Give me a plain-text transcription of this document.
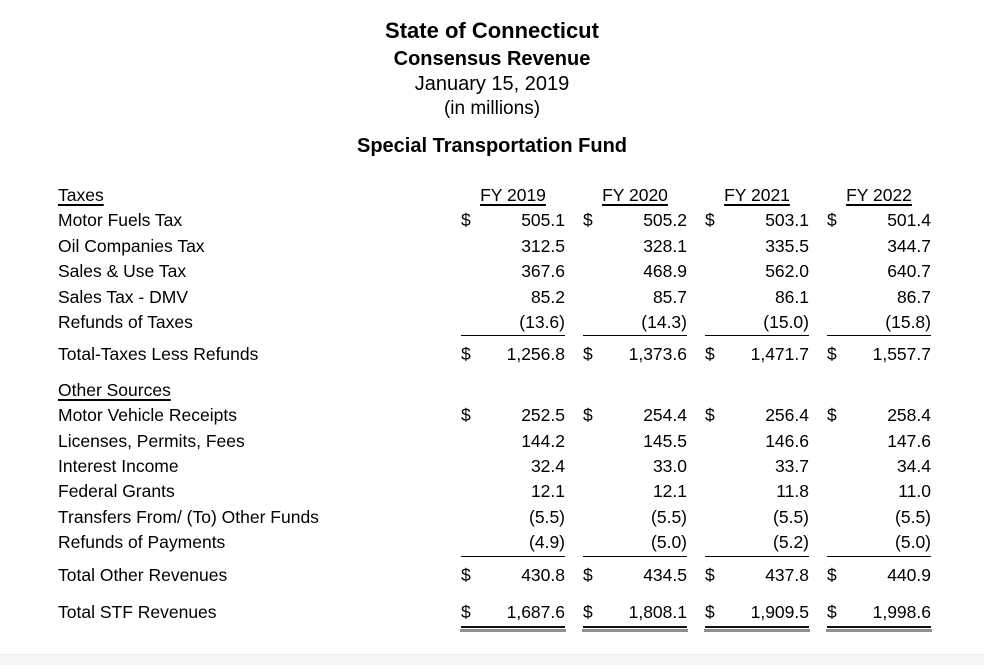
State of Connecticut
Consensus Revenue
January 15, 2019
(in millions)
Special Transportation Fund
Taxes	FY 2019	FY 2020	FY 2021	FY 2022
Motor Fuels Tax	$	505.1 $	505.2 $	503.1 $	501.4
Oil Companies Tax	312.5	328.1	335.5	344.7
Sales & Use Tax	367.6	468.9	562.0	640.7
Sales Tax - DMV	85.2	85.7	86.1	86.7
Refunds of Taxes	(13.6)	(14.3)	(15.0)	(15.8)
Total-Taxes Less Refunds	$ 1,256.8 $ 1,373.6 $ 1,471.7 $ 1,557.7
Other Sources
Motor Vehicle Receipts	$	252.5 $	254.4 $	256.4 $	258.4
Licenses, Permits, Fees	144.2	145.5	146.6	147.6
Interest Income	32.4	33.0	33.7	34.4
Federal Grants	12.1	12.1	11.8	11.0
Transfers From/ (To) Other Funds	(5.5)	(5.5)	(5.5)	(5.5)
Refunds of Payments	(4.9)	(5.0)	(5.2)	(5.0)
Total Other Revenues	$	430.8 $	434.5 $	437.8 $	440.9
Total STF Revenues	$ 1,687.6 $ 1,808.1 $ 1,909.5 $ 1,998.6
